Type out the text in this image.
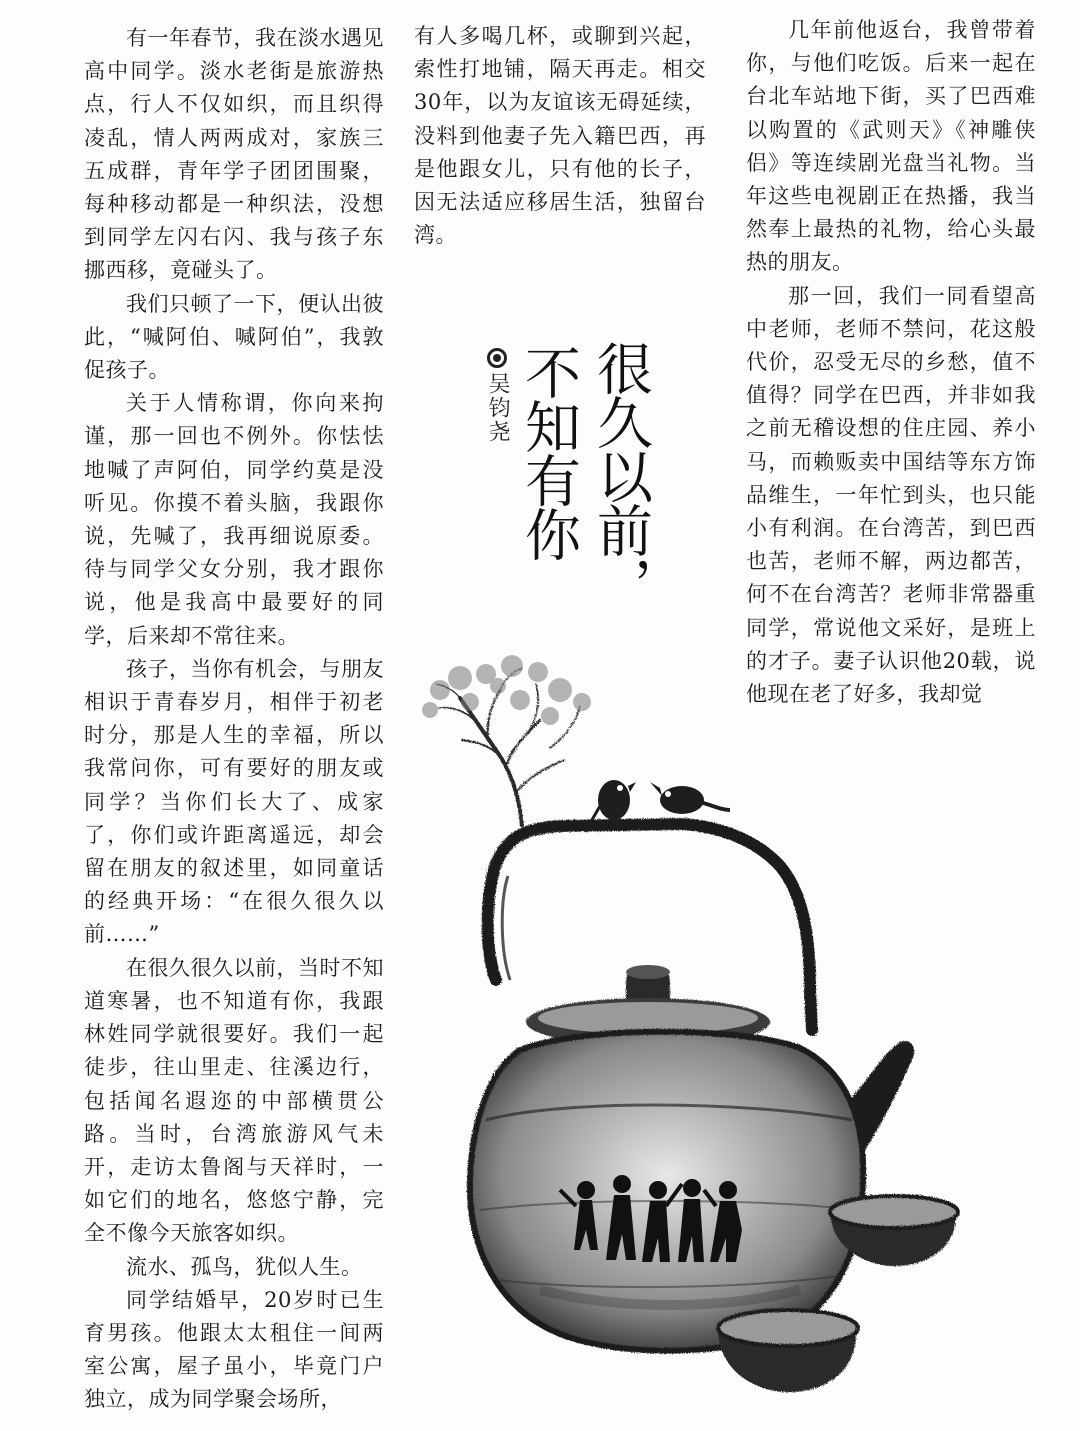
有一年春节，我在淡水遇见高中同学。淡水老街是旅游热点，行人不仅如织，而且织得凌乱，情人两两成对，家族三五成群，青年学子团团围聚，每种移动都是一种织法，没想到同学左闪右闪、我与孩子东挪西移，竟碰头了。

我们只顿了一下，便认出彼此，“喊阿伯、喊阿伯”，我敦促孩子。

关于人情称谓，你向来拘谨，那一回也不例外。你怯怯地喊了声阿伯，同学约莫是没听见。你摸不着头脑，我跟你说，先喊了，我再细说原委。待与同学父女分别，我才跟你说，他是我高中最要好的同学，后来却不常往来。

孩子，当你有机会，与朋友相识于青春岁月，相伴于初老时分，那是人生的幸福，所以我常问你，可有要好的朋友或同学？当你们长大了、成家了，你们或许距离遥远，却会留在朋友的叙述里，如同童话的经典开场：“在很久很久以前……”

在很久很久以前，当时不知道寒暑，也不知道有你，我跟林姓同学就很要好。我们一起徒步，往山里走、往溪边行，包括闻名遐迩的中部横贯公路。当时，台湾旅游风气未开，走访太鲁阁与天祥时，一如它们的地名，悠悠宁静，完全不像今天旅客如织。

流水、孤鸟，犹似人生。

同学结婚早，20岁时已生育男孩。他跟太太租住一间两室公寓，屋子虽小，毕竟门户独立，成为同学聚会场所，

有人多喝几杯，或聊到兴起，索性打地铺，隔天再走。相交30年，以为友谊该无碍延续，没料到他妻子先入籍巴西，再是他跟女儿，只有他的长子，因无法适应移居生活，独留台湾。

几年前他返台，我曾带着你，与他们吃饭。后来一起在台北车站地下街，买了巴西难以购置的《武则天》《神雕侠侣》等连续剧光盘当礼物。当年这些电视剧正在热播，我当然奉上最热的礼物，给心头最热的朋友。

那一回，我们一同看望高中老师，老师不禁问，花这般代价，忍受无尽的乡愁，值不值得？同学在巴西，并非如我之前无稽设想的住庄园、养小马，而赖贩卖中国结等东方饰品维生，一年忙到头，也只能小有利润。在台湾苦，到巴西也苦，老师不解，两边都苦，何不在台湾苦？老师非常器重同学，常说他文采好，是班上的才子。妻子认识他20载，说他现在老了好多，我却觉

很久以前，
不知有你
吴钧尧
